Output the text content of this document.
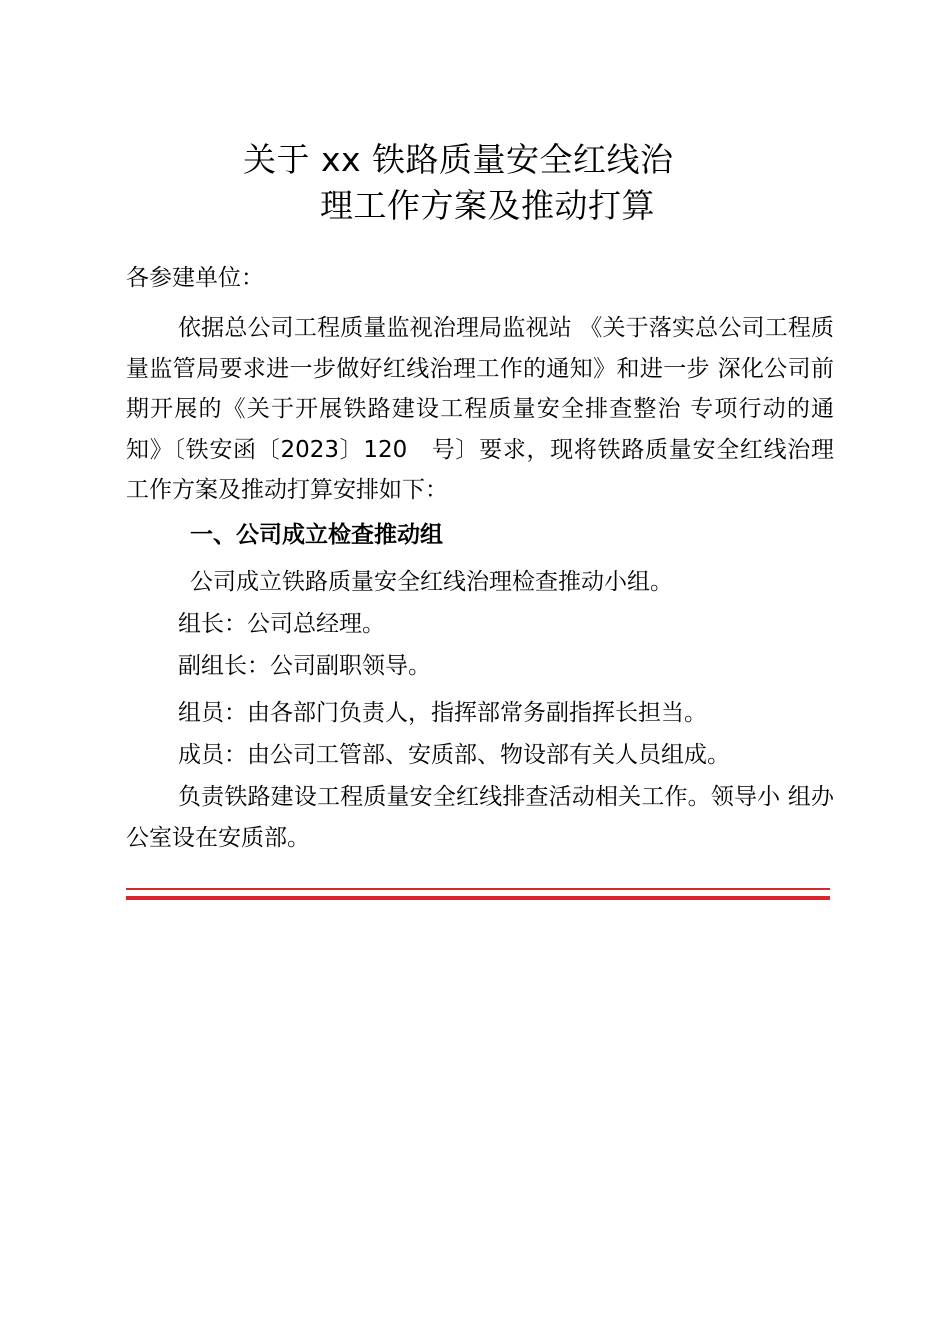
关于 xx 铁路质量安全红线治
理工作方案及推动打算
各参建单位：
依据总公司工程质量监视治理局监视站 《关于落实总公司工程质量监管局要求进一步做好红线治理工作的通知》和进一步 深化公司前期开展的《关于开展铁路建设工程质量安全排查整治 专项行动的通知》〔铁安函〔2023〕120　号〕要求，现将铁路质量安全红线治理工作方案及推动打算安排如下：
一、公司成立检查推动组
公司成立铁路质量安全红线治理检查推动小组。
组长：公司总经理。
副组长：公司副职领导。
组员：由各部门负责人，指挥部常务副指挥长担当。
成员：由公司工管部、安质部、物设部有关人员组成。
负责铁路建设工程质量安全红线排查活动相关工作。领导小 组办公室设在安质部。
